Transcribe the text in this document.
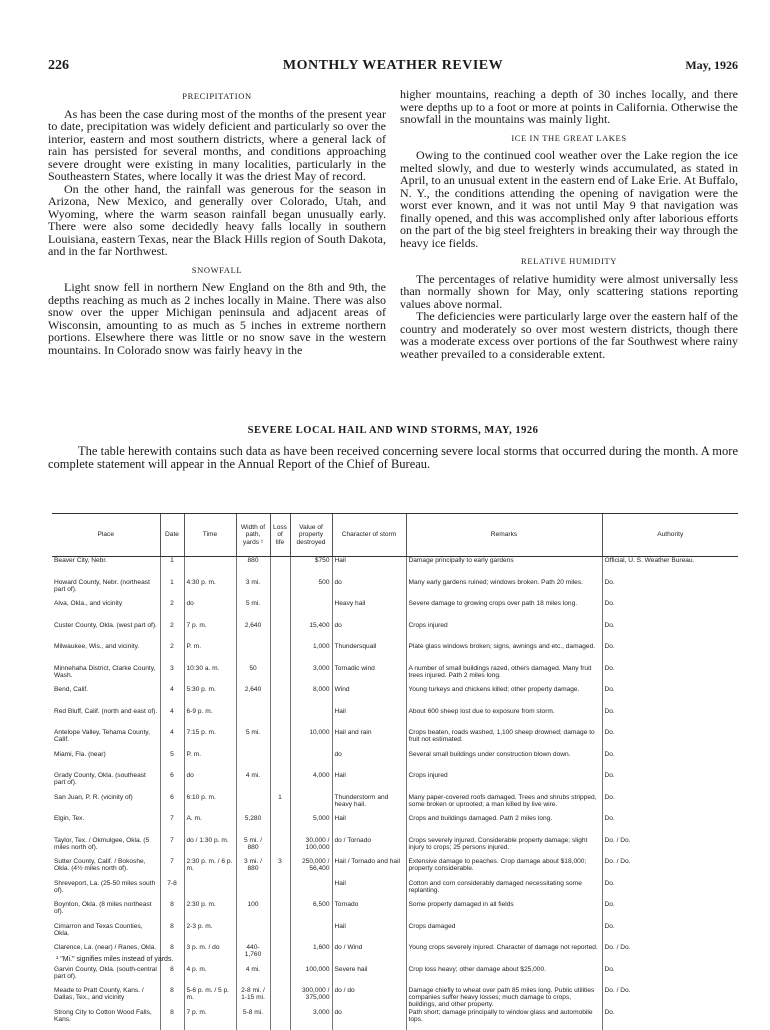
226	MONTHLY WEATHER REVIEW	May, 1926
PRECIPITATION

As has been the case during most of the months of the present year to date, precipitation was widely deficient and particularly so over the interior, eastern and most southern districts, where a general lack of rain has persisted for several months, and conditions approaching severe drought were existing in many localities, particularly in the Southeastern States, where locally it was the driest May of record.

On the other hand, the rainfall was generous for the season in Arizona, New Mexico, and generally over Colorado, Utah, and Wyoming, where the warm season rainfall began unusually early. There were also some decidedly heavy falls locally in southern Louisiana, eastern Texas, near the Black Hills region of South Dakota, and in the far Northwest.

SNOWFALL

Light snow fell in northern New England on the 8th and 9th, the depths reaching as much as 2 inches locally in Maine. There was also snow over the upper Michigan peninsula and adjacent areas of Wisconsin, amounting to as much as 5 inches in extreme northern portions. Elsewhere there was little or no snow save in the western mountains. In Colorado snow was fairly heavy in the

higher mountains, reaching a depth of 30 inches locally, and there were depths up to a foot or more at points in California. Otherwise the snowfall in the mountains was mainly light.

ICE IN THE GREAT LAKES

Owing to the continued cool weather over the Lake region the ice melted slowly, and due to westerly winds accumulated, as stated in April, to an unusual extent in the eastern end of Lake Erie. At Buffalo, N. Y., the conditions attending the opening of navigation were the worst ever known, and it was not until May 9 that navigation was finally opened, and this was accomplished only after laborious efforts on the part of the big steel freighters in breaking their way through the heavy ice fields.

RELATIVE HUMIDITY

The percentages of relative humidity were almost universally less than normally shown for May, only scattering stations reporting values above normal.

The deficiencies were particularly large over the eastern half of the country and moderately so over most western districts, though there was a moderate excess over portions of the far Southwest where rainy weather prevailed to a considerable extent.

SEVERE LOCAL HAIL AND WIND STORMS, MAY, 1926
The table herewith contains such data as have been received concerning severe local storms that occurred during the month. A more complete statement will appear in the Annual Report of the Chief of Bureau.
Place	Date	Time	Width of path, yards ¹	Loss of life	Value of property destroyed	Character of storm	Remarks	Authority
Beaver City, Nebr.	1		880		$750	Hail	Damage principally to early gardens	Official, U. S. Weather Bureau.
Howard County, Nebr. (northeast part of).	1	4:30 p. m.	3 mi.		500	do	Many early gardens ruined; windows broken. Path 20 miles.	Do.
Alva, Okla., and vicinity	2	do	5 mi.			Heavy hail	Severe damage to growing crops over path 18 miles long.	Do.
Custer County, Okla. (west part of).	2	7 p. m.	2,640		15,400	do	Crops injured	Do.
Milwaukee, Wis., and vicinity.	2	P. m.			1,000	Thundersquall	Plate glass windows broken; signs, awnings and etc., damaged.	Do.
Minnehaha District, Clarke County, Wash.	3	10:30 a. m.	50		3,000	Tornadic wind	A number of small buildings razed, others damaged. Many fruit trees injured. Path 2 miles long.	Do.
Bend, Calif.	4	5:30 p. m.	2,640		8,000	Wind	Young turkeys and chickens killed; other property damage.	Do.
Red Bluff, Calif. (north and east of).	4	6-9 p. m.				Hail	About 600 sheep lost due to exposure from storm.	Do.
Antelope Valley, Tehama County, Calif.	4	7:15 p. m.	5 mi.		10,000	Hail and rain	Crops beaten, roads washed, 1,100 sheep drowned; damage to fruit not estimated.	Do.
Miami, Fla. (near)	5	P. m.				do	Several small buildings under construction blown down.	Do.
Grady County, Okla. (southeast part of).	6	do	4 mi.		4,000	Hail	Crops injured	Do.
San Juan, P. R. (vicinity of)	6	6:10 p. m.		1		Thunderstorm and heavy hail.	Many paper-covered roofs damaged. Trees and shrubs stripped, some broken or uprooted; a man killed by live wire.	Do.
Elgin, Tex.	7	A. m.	5,280		5,000	Hail	Crops and buildings damaged. Path 2 miles long.	Do.
Taylor, Tex. / Okmulgee, Okla. (5 miles north of).	7	do / 1:30 p. m.	5 mi. / 880		30,000 / 100,000	do / Tornado	Crops severely injured. Considerable property damage; slight injury to crops; 25 persons injured.	Do. / Do.
Sutter County, Calif. / Bokoshe, Okla. (4½ miles north of).	7	2:30 p. m. / 6 p. m.	3 mi. / 880	3	250,000 / 56,400	Hail / Tornado and hail	Extensive damage to peaches. Crop damage about $18,000; property considerable.	Do. / Do.
Shreveport, La. (25-50 miles south of).	7-8					Hail	Cotton and corn considerably damaged necessitating some replanting.	Do.
Boynton, Okla. (8 miles northeast of).	8	2:30 p. m.	100		6,500	Tornado	Some property damaged in all fields	Do.
Cimarron and Texas Counties, Okla.	8	2-3 p. m.				Hail	Crops damaged	Do.
Clarence, La. (near) / Ranes, Okla.	8	3 p. m. / do	440-1,760		1,600	do / Wind	Young crops severely injured. Character of damage not reported.	Do. / Do.
Garvin County, Okla. (south-central part of).	8	4 p. m.	4 mi.		100,000	Severe hail	Crop loss heavy; other damage about $25,000.	Do.
Meade to Pratt County, Kans. / Dallas, Tex., and vicinity	8	5-6 p. m. / 5 p. m.	2-8 mi. / 1-15 mi.		300,000 / 375,000	do / do	Damage chiefly to wheat over path 85 miles long. Public utilities companies suffer heavy losses; much damage to crops, buildings, and other property.	Do. / Do.
Strong City to Cotton Wood Falls, Kans.	8	7 p. m.	5-8 mi.		3,000	do	Path short; damage principally to window glass and automobile tops.	Do.
¹ "Mi." signifies miles instead of yards.
